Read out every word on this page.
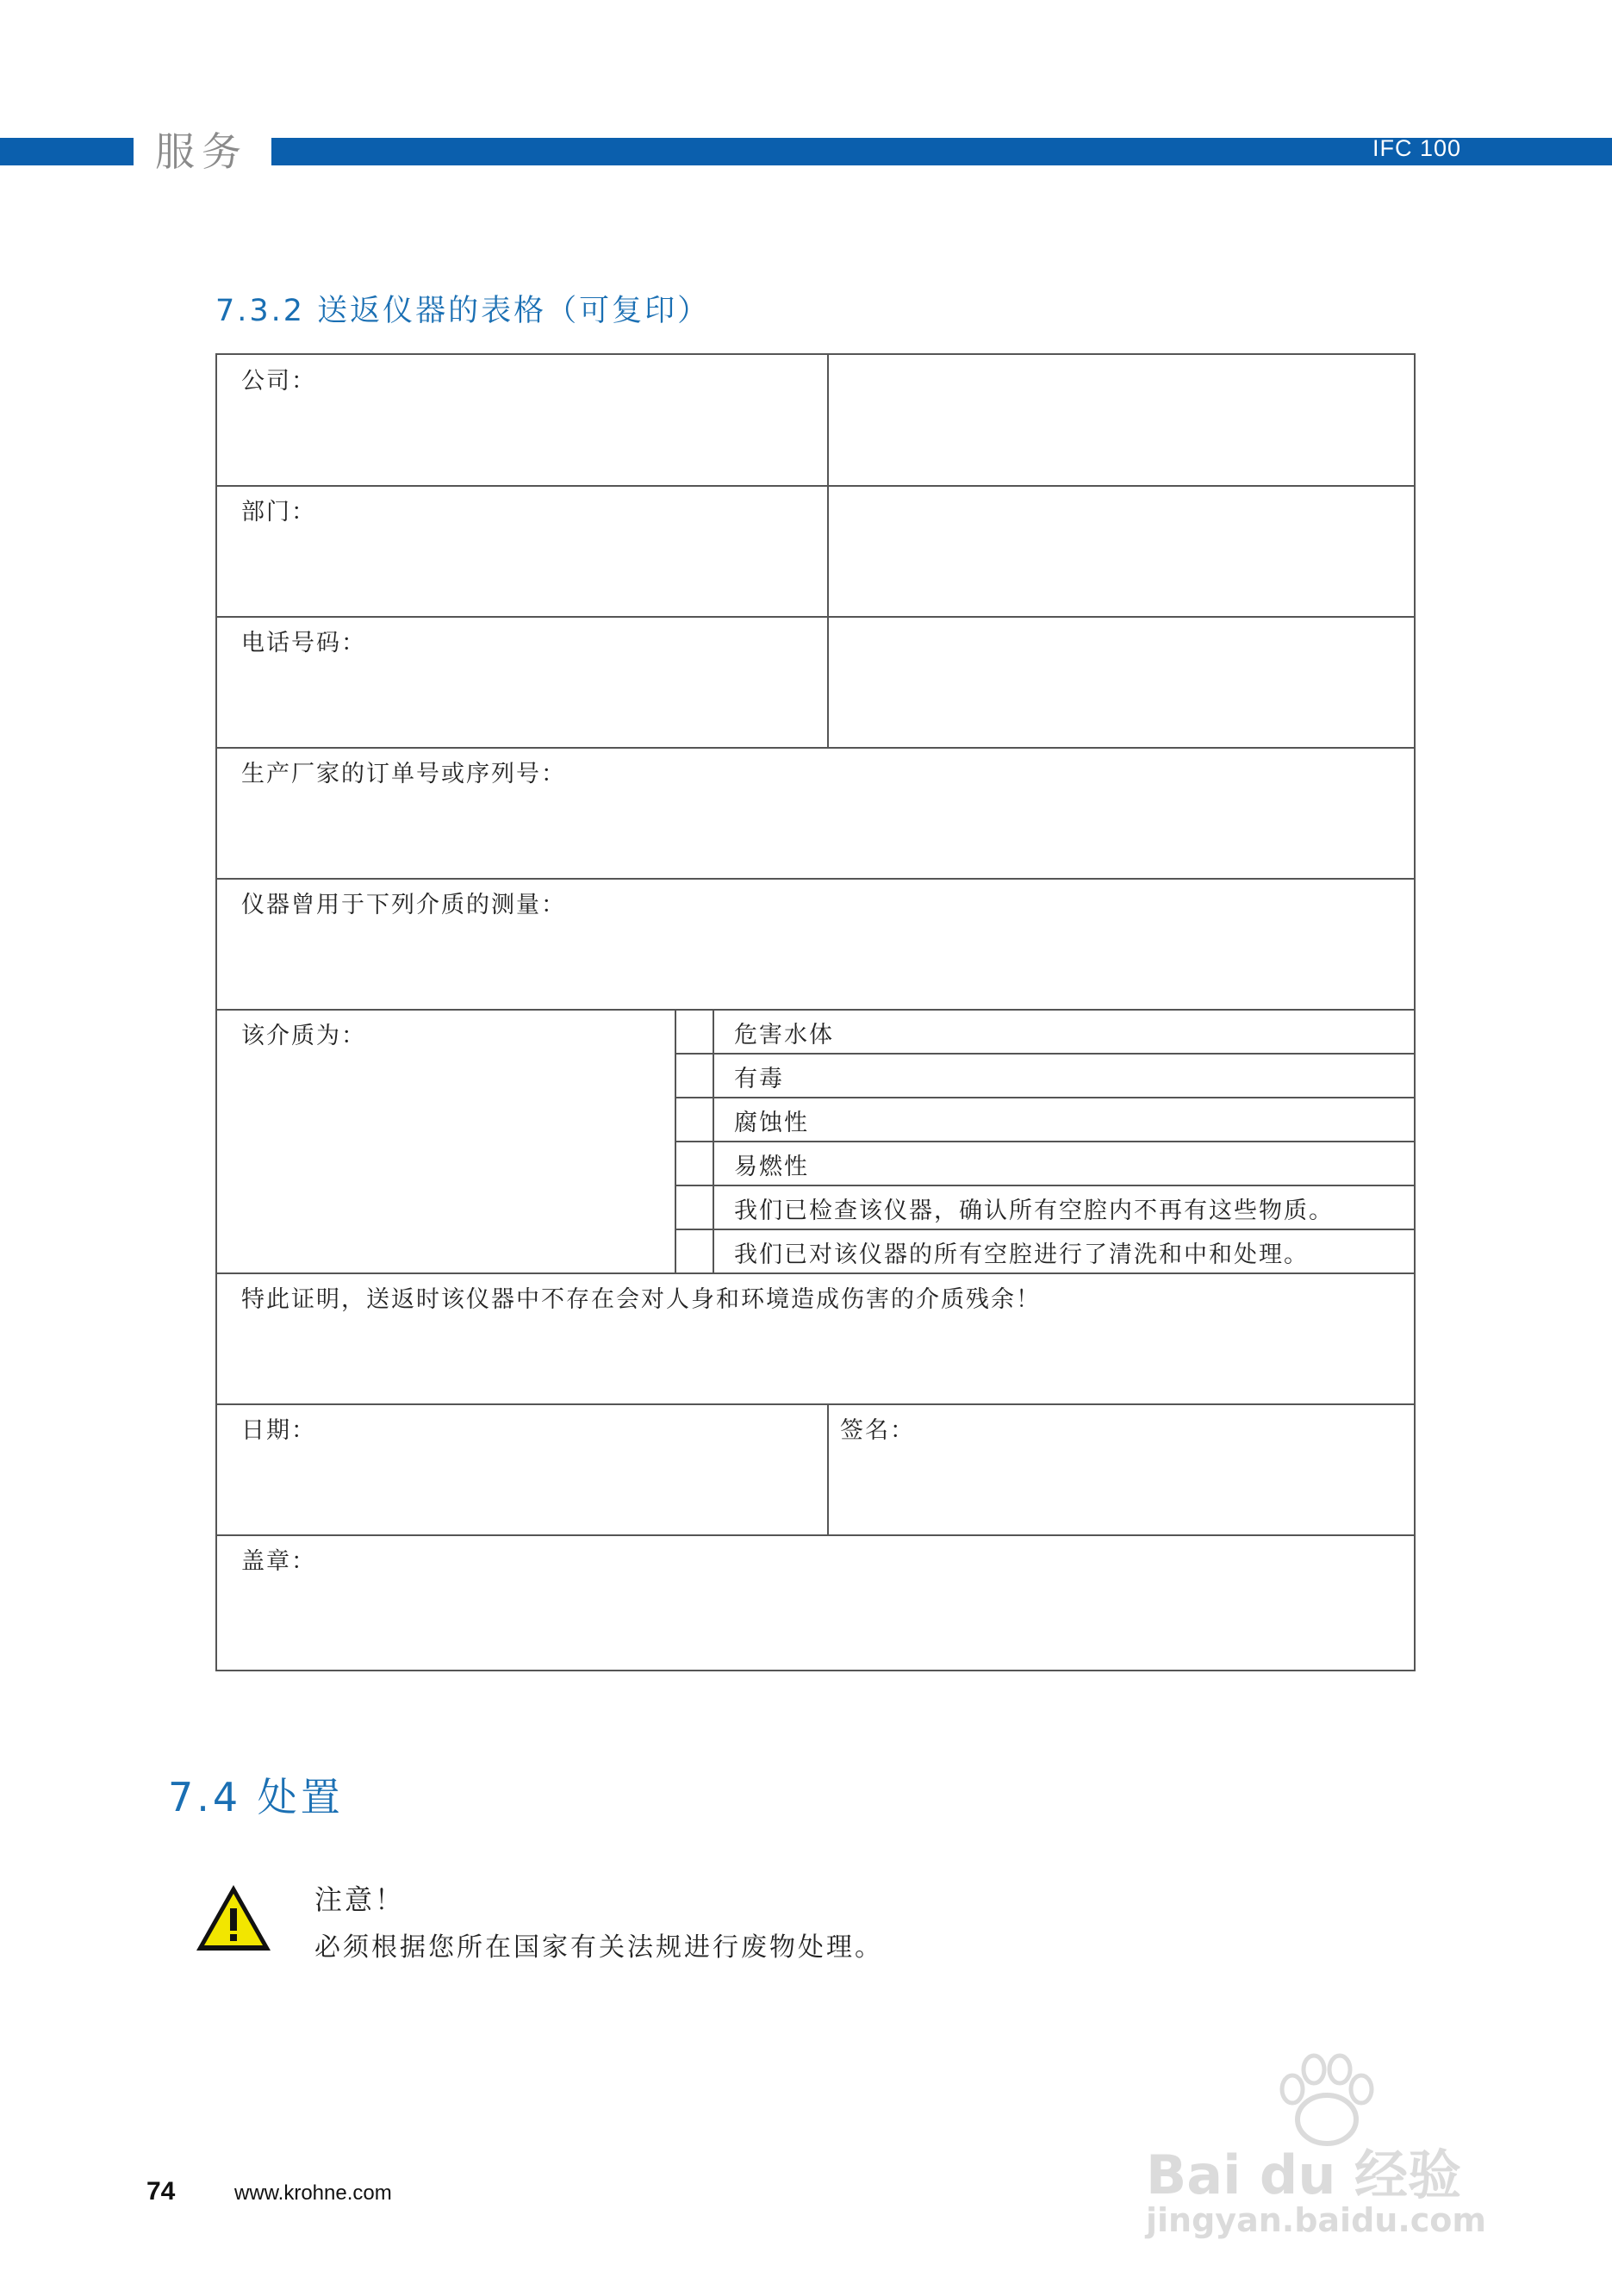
服务	IFC 100
7.3.2 送返仪器的表格（可复印）
公司：
部门：
电话号码：
生产厂家的订单号或序列号：
仪器曾用于下列介质的测量：
该介质为：	危害水体
有毒
腐蚀性
易燃性
我们已检查该仪器，确认所有空腔内不再有这些物质。
我们已对该仪器的所有空腔进行了清洗和中和处理。
特此证明，送返时该仪器中不存在会对人身和环境造成伤害的介质残余！
日期：	签名：
盖章：
7.4 处置
注意！
必须根据您所在国家有关法规进行废物处理。
74	www.krohne.com	Bai du 经验
jingyan.baidu.com
